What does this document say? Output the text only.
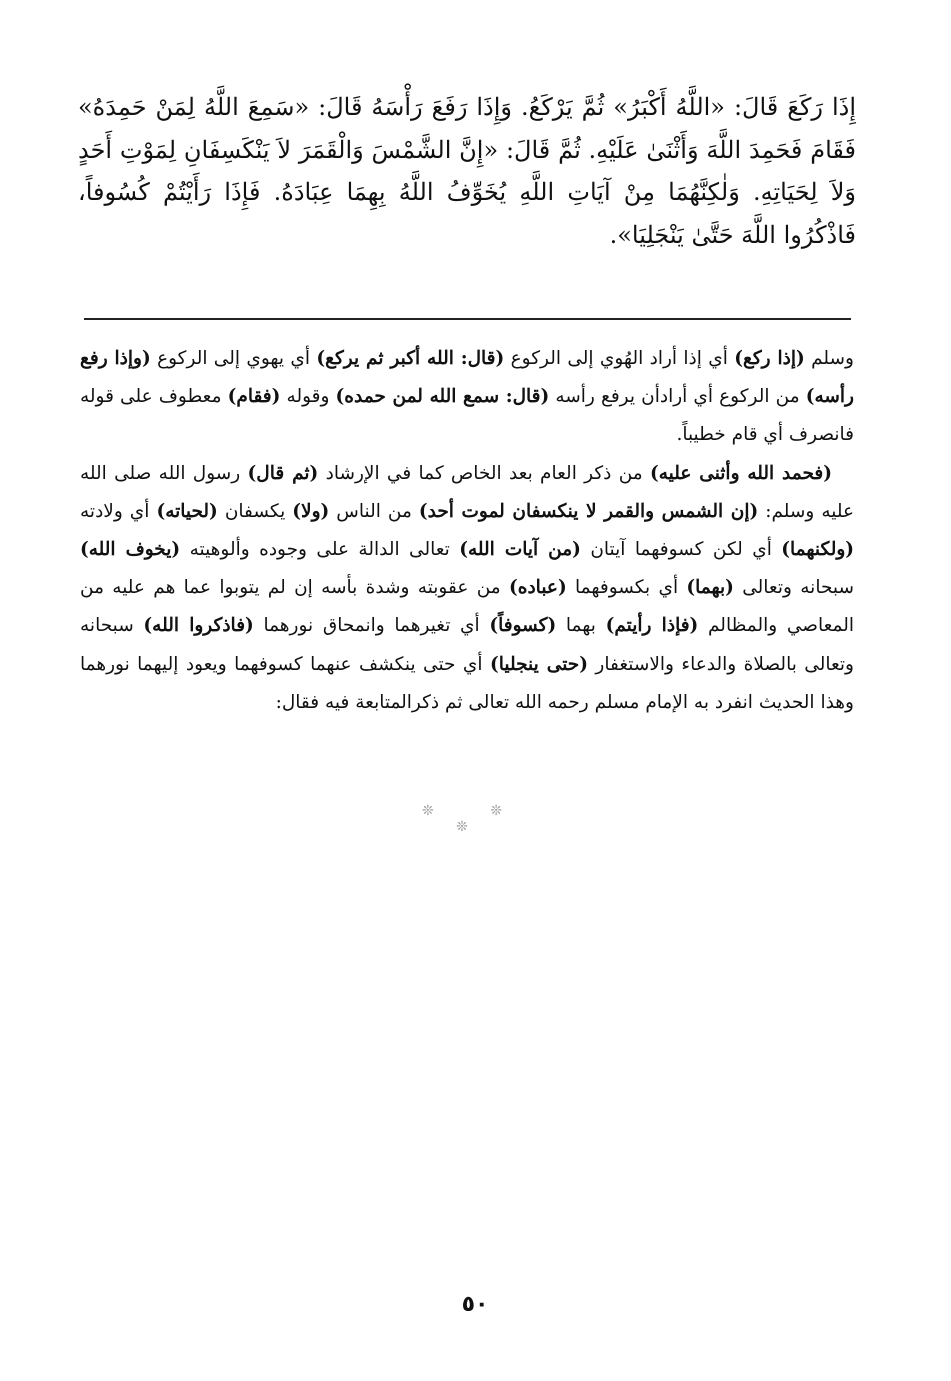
إِذَا رَكَعَ قَالَ: «اللَّهُ أَكْبَرُ» ثُمَّ يَرْكَعُ. وَإِذَا رَفَعَ رَأْسَهُ قَالَ: «سَمِعَ اللَّهُ لِمَنْ حَمِدَهُ» فَقَامَ فَحَمِدَ اللَّهَ وَأَثْنَىٰ عَلَيْهِ. ثُمَّ قَالَ: «إِنَّ الشَّمْسَ وَالْقَمَرَ لاَ يَنْكَسِفَانِ لِمَوْتِ أَحَدٍ وَلاَ لِحَيَاتِهِ. وَلٰكِنَّهُمَا مِنْ آيَاتِ اللَّهِ يُخَوِّفُ اللَّهُ بِهِمَا عِبَادَهُ. فَإِذَا رَأَيْتُمْ كُسُوفاً، فَاذْكُرُوا اللَّهَ حَتَّىٰ يَنْجَلِيَا».

وسلم (إذا ركع) أي إذا أراد الهُوي إلى الركوع (قال: الله أكبر ثم يركع) أي يهوي إلى الركوع (وإذا رفع رأسه) من الركوع أي أرادأن يرفع رأسه (قال: سمع الله لمن حمده) وقوله (فقام) معطوف على قوله فانصرف أي قام خطيباً.

(فحمد الله وأثنى عليه) من ذكر العام بعد الخاص كما في الإرشاد (ثم قال) رسول الله صلى الله عليه وسلم: (إن الشمس والقمر لا ينكسفان لموت أحد) من الناس (ولا) يكسفان (لحياته) أي ولادته (ولكنهما) أي لكن كسوفهما آيتان (من آيات الله) تعالى الدالة على وجوده وألوهيته (يخوف الله) سبحانه وتعالى (بهما) أي بكسوفهما (عباده) من عقوبته وشدة بأسه إن لم يتوبوا عما هم عليه من المعاصي والمظالم (فإذا رأيتم) بهما (كسوفاً) أي تغيرهما وانمحاق نورهما (فاذكروا الله) سبحانه وتعالى بالصلاة والدعاء والاستغفار (حتى ينجليا) أي حتى ينكشف عنهما كسوفهما ويعود إليهما نورهما وهذا الحديث انفرد به الإمام مسلم رحمه الله تعالى ثم ذكرالمتابعة فيه فقال:

❊ ❊ ❊
٥٠
